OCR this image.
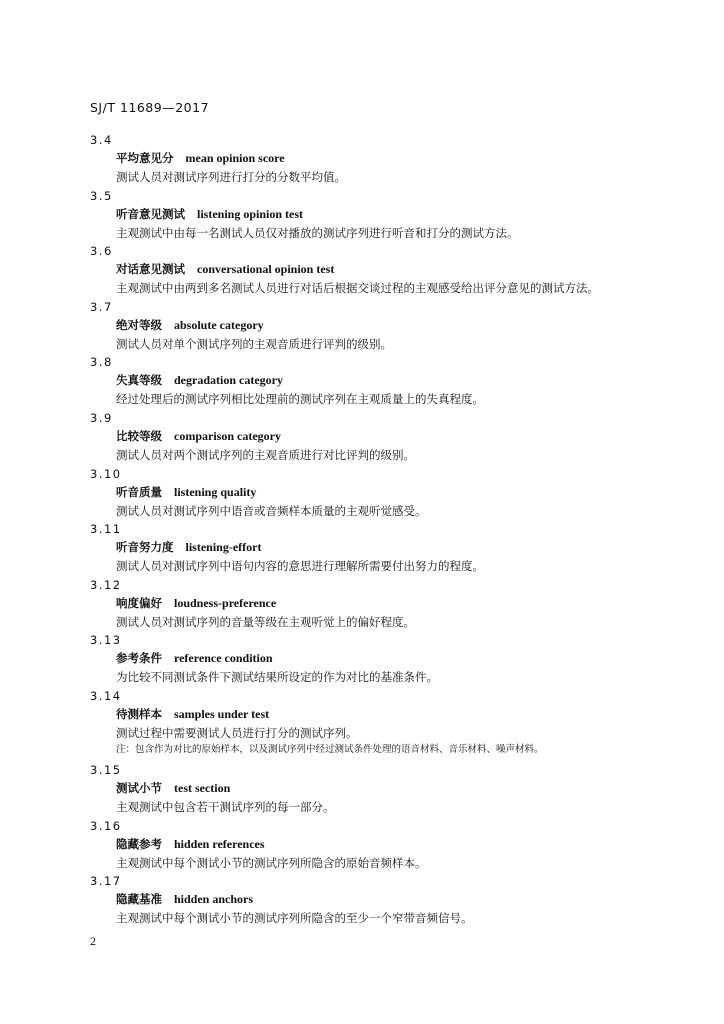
SJ/T 11689—2017
3.4
平均意见分 mean opinion score
测试人员对测试序列进行打分的分数平均值。
3.5
听音意见测试 listening opinion test
主观测试中由每一名测试人员仅对播放的测试序列进行听音和打分的测试方法。
3.6
对话意见测试 conversational opinion test
主观测试中由两到多名测试人员进行对话后根据交谈过程的主观感受给出评分意见的测试方法。
3.7
绝对等级 absolute category
测试人员对单个测试序列的主观音质进行评判的级别。
3.8
失真等级 degradation category
经过处理后的测试序列相比处理前的测试序列在主观质量上的失真程度。
3.9
比较等级 comparison category
测试人员对两个测试序列的主观音质进行对比评判的级别。
3.10
听音质量 listening quality
测试人员对测试序列中语音或音频样本质量的主观听觉感受。
3.11
听音努力度 listening-effort
测试人员对测试序列中语句内容的意思进行理解所需要付出努力的程度。
3.12
响度偏好 loudness-preference
测试人员对测试序列的音量等级在主观听觉上的偏好程度。
3.13
参考条件 reference condition
为比较不同测试条件下测试结果所设定的作为对比的基准条件。
3.14
待测样本 samples under test
测试过程中需要测试人员进行打分的测试序列。
注：包含作为对比的原始样本，以及测试序列中经过测试条件处理的语音材料、音乐材料、噪声材料。
3.15
测试小节 test section
主观测试中包含若干测试序列的每一部分。
3.16
隐藏参考 hidden references
主观测试中每个测试小节的测试序列所隐含的原始音频样本。
3.17
隐藏基准 hidden anchors
主观测试中每个测试小节的测试序列所隐含的至少一个窄带音频信号。
2
